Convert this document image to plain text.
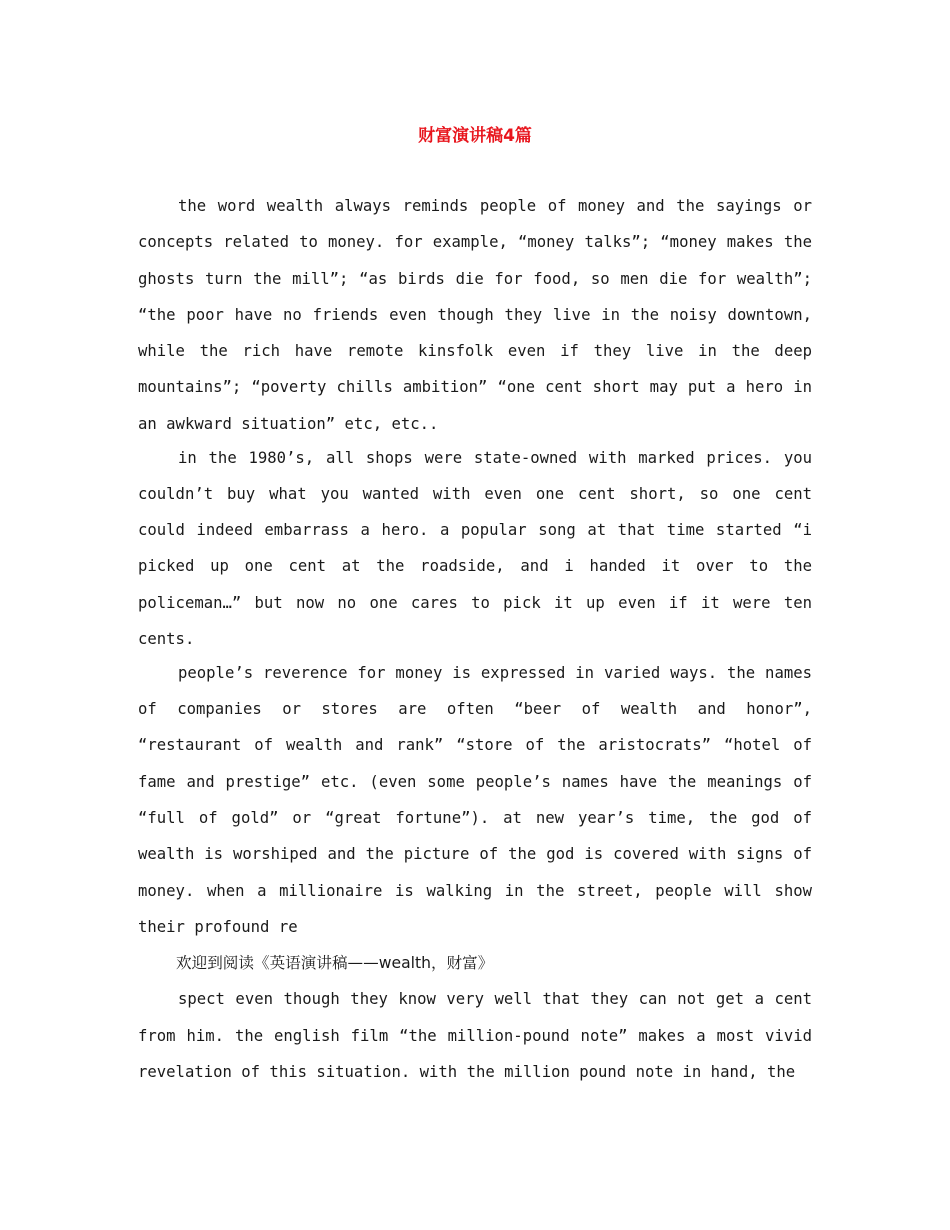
财富演讲稿4篇

the word wealth always reminds people of money and the sayings or concepts related to money. for example, “money talks”; “money makes the ghosts turn the mill”; “as birds die for food, so men die for wealth”; “the poor have no friends even though they live in the noisy downtown, while the rich have remote kinsfolk even if they live in the deep mountains”; “poverty chills ambition” “one cent short may put a hero in an awkward situation” etc, etc..

in the 1980’s, all shops were state-owned with marked prices. you couldn’t buy what you wanted with even one cent short, so one cent could indeed embarrass a hero. a popular song at that time started “i picked up one cent at the roadside, and i handed it over to the policeman…” but now no one cares to pick it up even if it were ten cents.

people’s reverence for money is expressed in varied ways. the names of companies or stores are often “beer of wealth and honor”, “restaurant of wealth and rank” “store of the aristocrats” “hotel of fame and prestige” etc. (even some people’s names have the meanings of “full of gold” or “great fortune”). at new year’s time, the god of wealth is worshiped and the picture of the god is covered with signs of money. when a millionaire is walking in the street, people will show their profound re

欢迎到阅读《英语演讲稿——wealth，财富》

spect even though they know very well that they can not get a cent from him. the english film “the million-pound note” makes a most vivid revelation of this situation. with the million pound note in hand, the
